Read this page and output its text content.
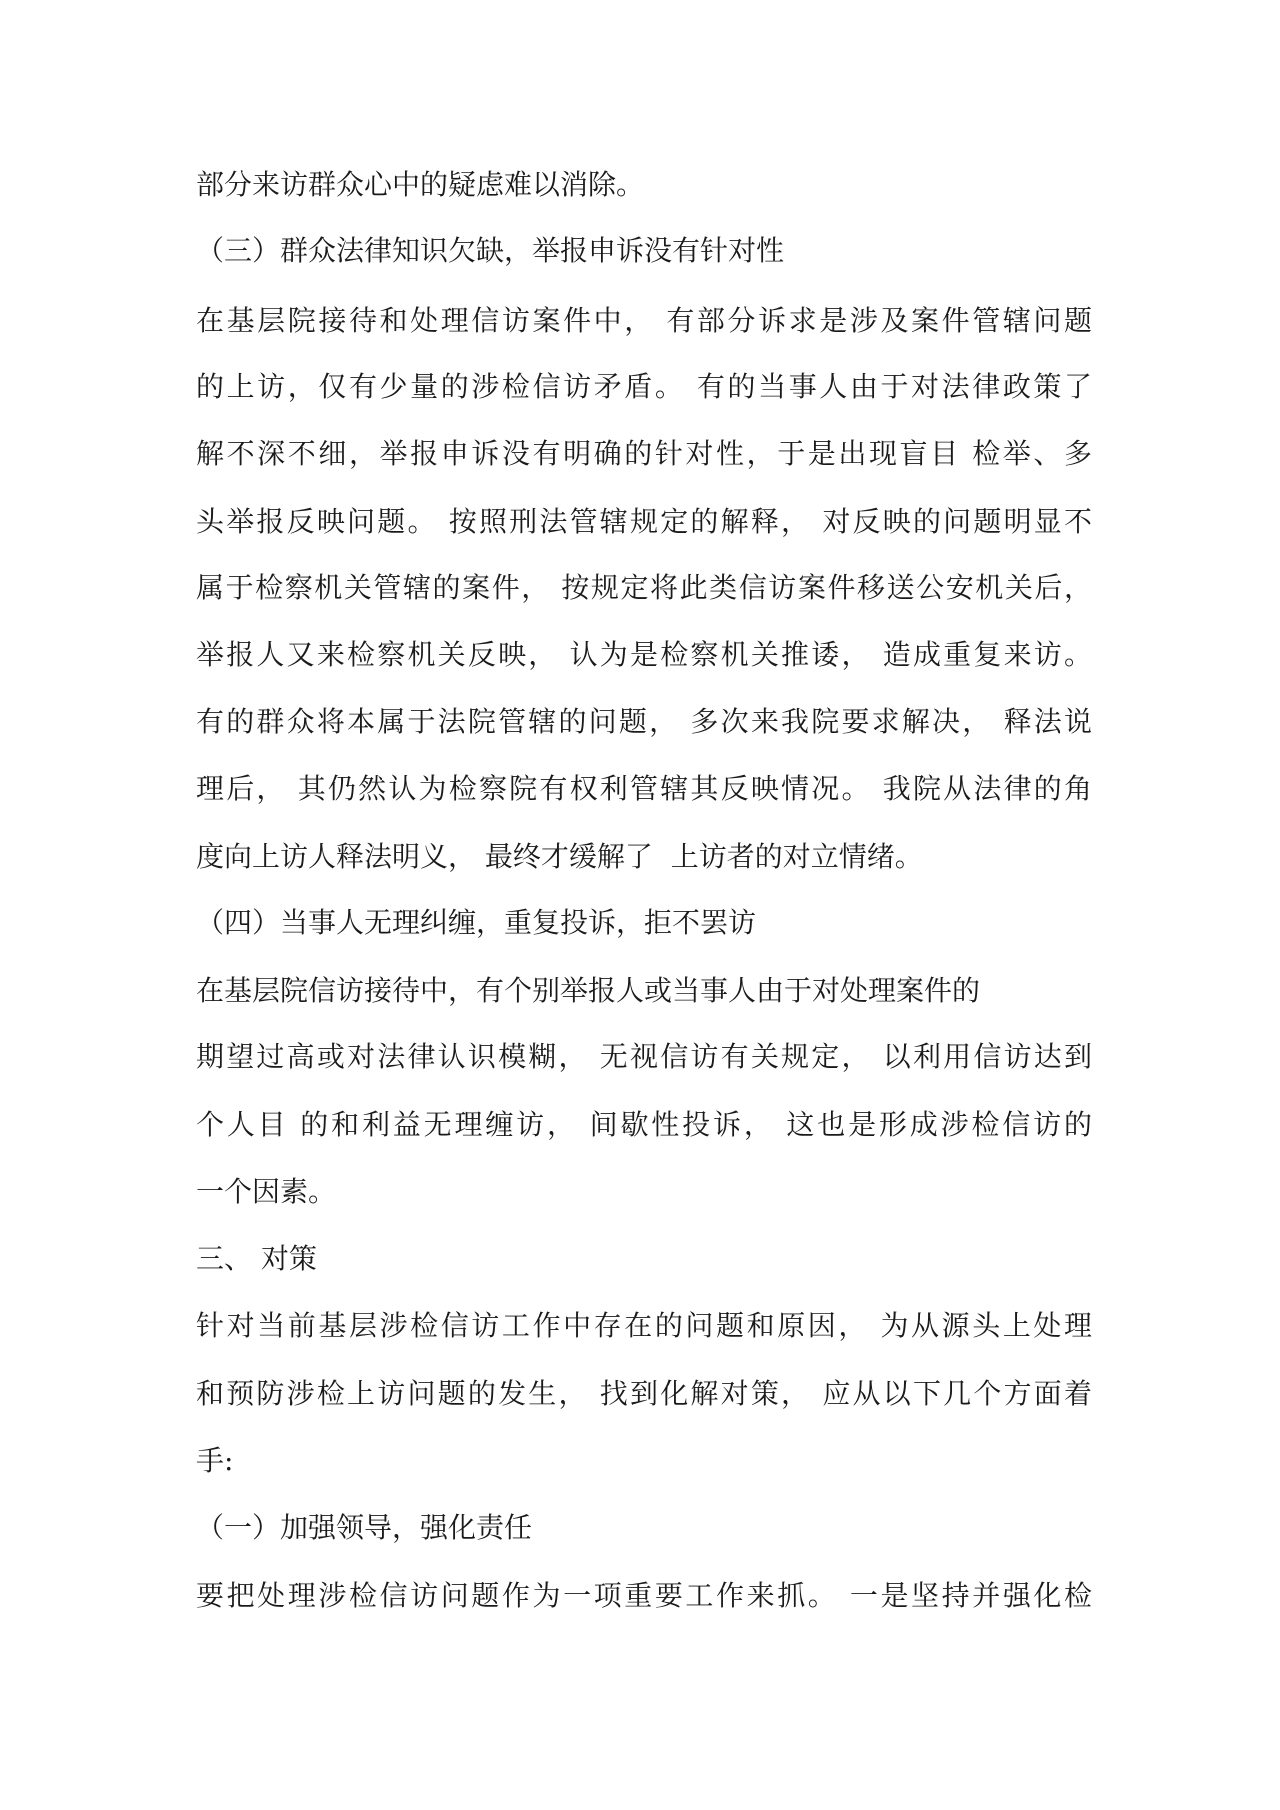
部分来访群众心中的疑虑难以消除。

（三）群众法律知识欠缺，举报申诉没有针对性

在基层院接待和处理信访案件中， 有部分诉求是涉及案件管辖问题

的上访，仅有少量的涉检信访矛盾。 有的当事人由于对法律政策了

解不深不细，举报申诉没有明确的针对性，于是出现盲目 检举、多

头举报反映问题。 按照刑法管辖规定的解释， 对反映的问题明显不

属于检察机关管辖的案件， 按规定将此类信访案件移送公安机关后，

举报人又来检察机关反映， 认为是检察机关推诿， 造成重复来访。

有的群众将本属于法院管辖的问题， 多次来我院要求解决， 释法说

理后， 其仍然认为检察院有权利管辖其反映情况。 我院从法律的角

度向上访人释法明义， 最终才缓解了  上访者的对立情绪。

（四）当事人无理纠缠，重复投诉，拒不罢访

在基层院信访接待中，有个别举报人或当事人由于对处理案件的

期望过高或对法律认识模糊， 无视信访有关规定， 以利用信访达到

个人目 的和利益无理缠访， 间歇性投诉， 这也是形成涉检信访的

一个因素。

三、 对策

针对当前基层涉检信访工作中存在的问题和原因， 为从源头上处理

和预防涉检上访问题的发生， 找到化解对策， 应从以下几个方面着

手:

（一）加强领导，强化责任

要把处理涉检信访问题作为一项重要工作来抓。 一是坚持并强化检
